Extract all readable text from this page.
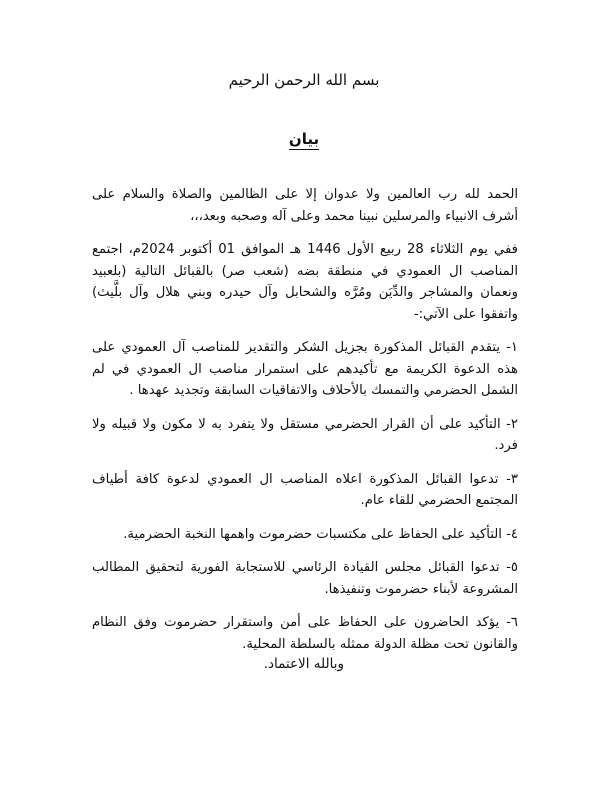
بسم الله الرحمن الرحيم
بيان

الحمد لله رب العالمين ولا عدوان إلا على الظالمين والصلاة والسلام على أشرف الانبياء والمرسلين نبينا محمد وعلى آله وصحبه وبعد،،،

ففي يوم الثلاثاء 28 ربيع الأول 1446 هـ الموافق 01 أكتوبر 2024م، اجتمع المناصب ال العمودي في منطقة بضه (شعب صر) بالقبائل التالية (بلعبيد ونعمان والمشاجر والدِّيَن ومُرَّه والشحابل وآل حيدره وبني هلال وآل بلَّيث) واتفقوا على الآتي:-

١- يتقدم القبائل المذكورة بجزيل الشكر والتقدير للمناصب آل العمودي على هذه الدعوة الكريمة مع تأكيدهم على استمرار مناصب ال العمودي في لم الشمل الحضرمي والتمسك بالأحلاف والاتفاقيات السابقة وتجديد عهدها .

٢- التأكيد على أن القرار الحضرمي مستقل ولا يتفرد به لا مكون ولا قبيله ولا فرد.

٣- تدعوا القبائل المذكورة اعلاه المناصب ال العمودي لدعوة كافة أطياف المجتمع الحضرمي للقاء عام.

٤- التأكيد على الحفاظ على مكتسبات حضرموت واهمها النخبة الحضرمية.

٥- تدعوا القبائل مجلس القيادة الرئاسي للاستجابة الفورية لتحقيق المطالب المشروعة لأبناء حضرموت وتنفيذها.

٦- يؤكد الحاضرون على الحفاظ على أمن واستقرار حضرموت وفق النظام والقانون تحت مظلة الدولة ممثله بالسلطة المحلية.

وبالله الاعتماد.
